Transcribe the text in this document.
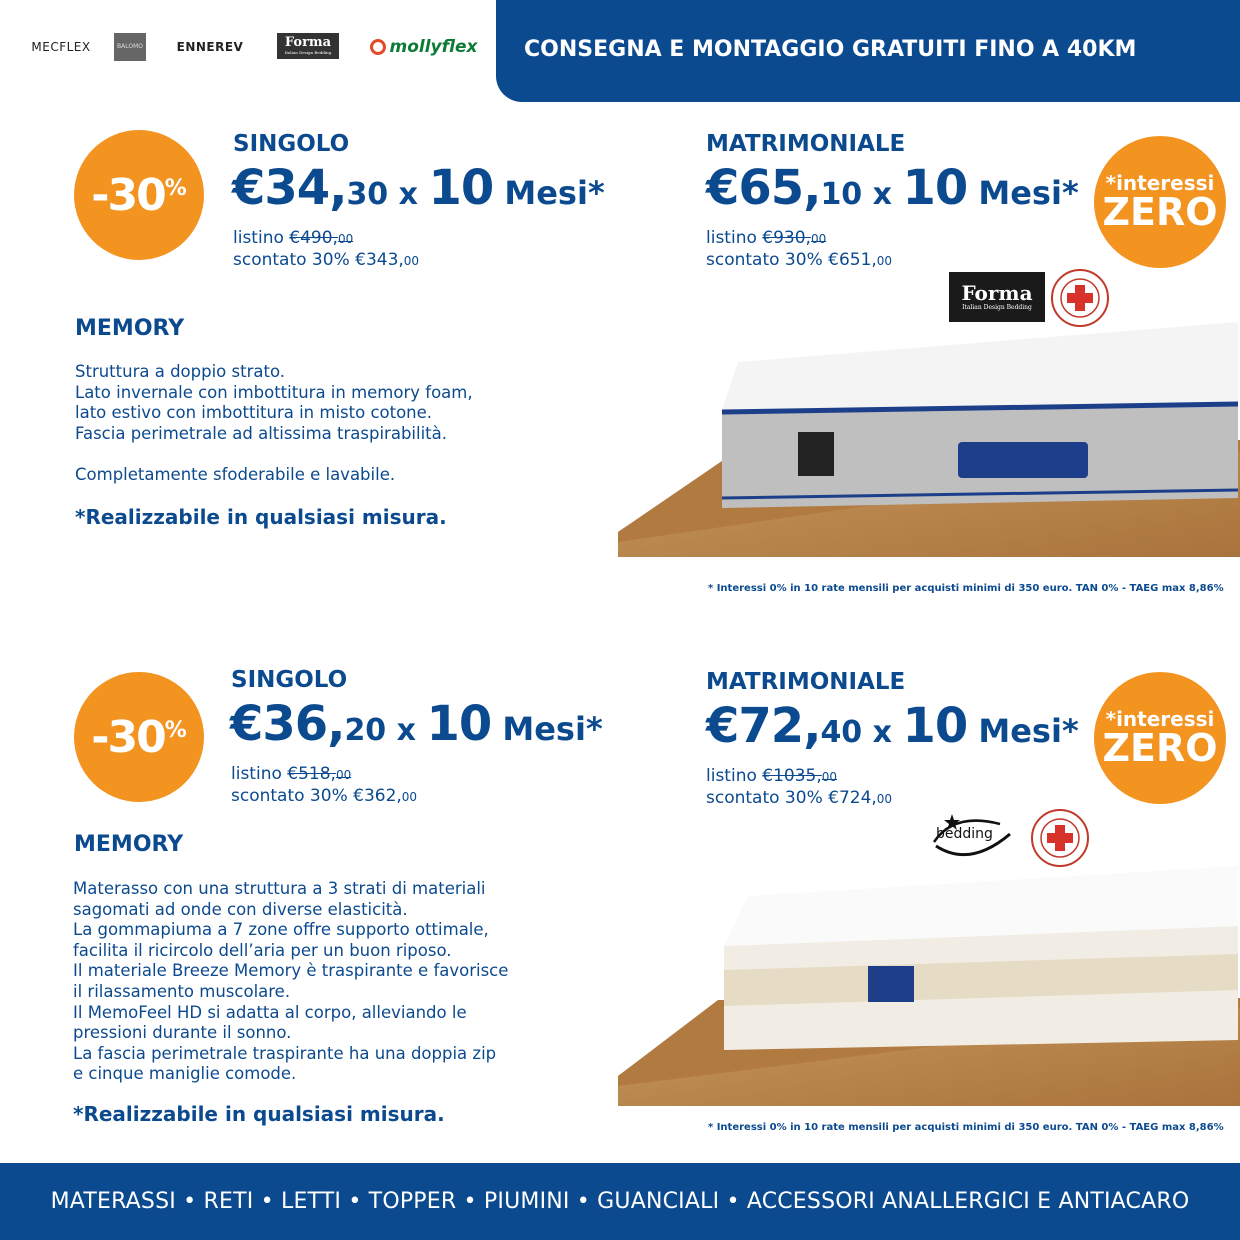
MECFLEX	BALOMO	ENNEREV	Forma
Italian Design Bedding	mollyflex	CONSEGNA E MONTAGGIO GRATUITI FINO A 40KM
-30 %
SINGOLO
€34,30 x 10 Mesi*
listino €490,00
scontato 30% €343,00
MATRIMONIALE
€65,10 x 10 Mesi*
listino €930,00
scontato 30% €651,00
*interessi
ZERO
MEMORY
Struttura a doppio strato.
Lato invernale con imbottitura in memory foam,
lato estivo con imbottitura in misto cotone.
Fascia perimetrale ad altissima traspirabilità.

Completamente sfoderabile e lavabile.
*Realizzabile in qualsiasi misura.
Forma
Italian Design Bedding
* Interessi 0% in 10 rate mensili per acquisti minimi di 350 euro. TAN 0% - TAEG max 8,86%
-30 %
SINGOLO
€36,20 x 10 Mesi*
listino €518,00
scontato 30% €362,00
MATRIMONIALE
€72,40 x 10 Mesi*
listino €1035,00
scontato 30% €724,00
*interessi
ZERO
MEMORY
Materasso con una struttura a 3 strati di materiali
sagomati ad onde con diverse elasticità.
La gommapiuma a 7 zone offre supporto ottimale,
facilita il ricircolo dell’aria per un buon riposo.
Il materiale Breeze Memory è traspirante e favorisce
il rilassamento muscolare.
Il MemoFeel HD si adatta al corpo, alleviando le
pressioni durante il sonno.
La fascia perimetrale traspirante ha una doppia zip
e cinque maniglie comode.
*Realizzabile in qualsiasi misura.
bedding
* Interessi 0% in 10 rate mensili per acquisti minimi di 350 euro. TAN 0% - TAEG max 8,86%
MATERASSI • RETI • LETTI • TOPPER • PIUMINI • GUANCIALI • ACCESSORI ANALLERGICI E ANTIACARO
